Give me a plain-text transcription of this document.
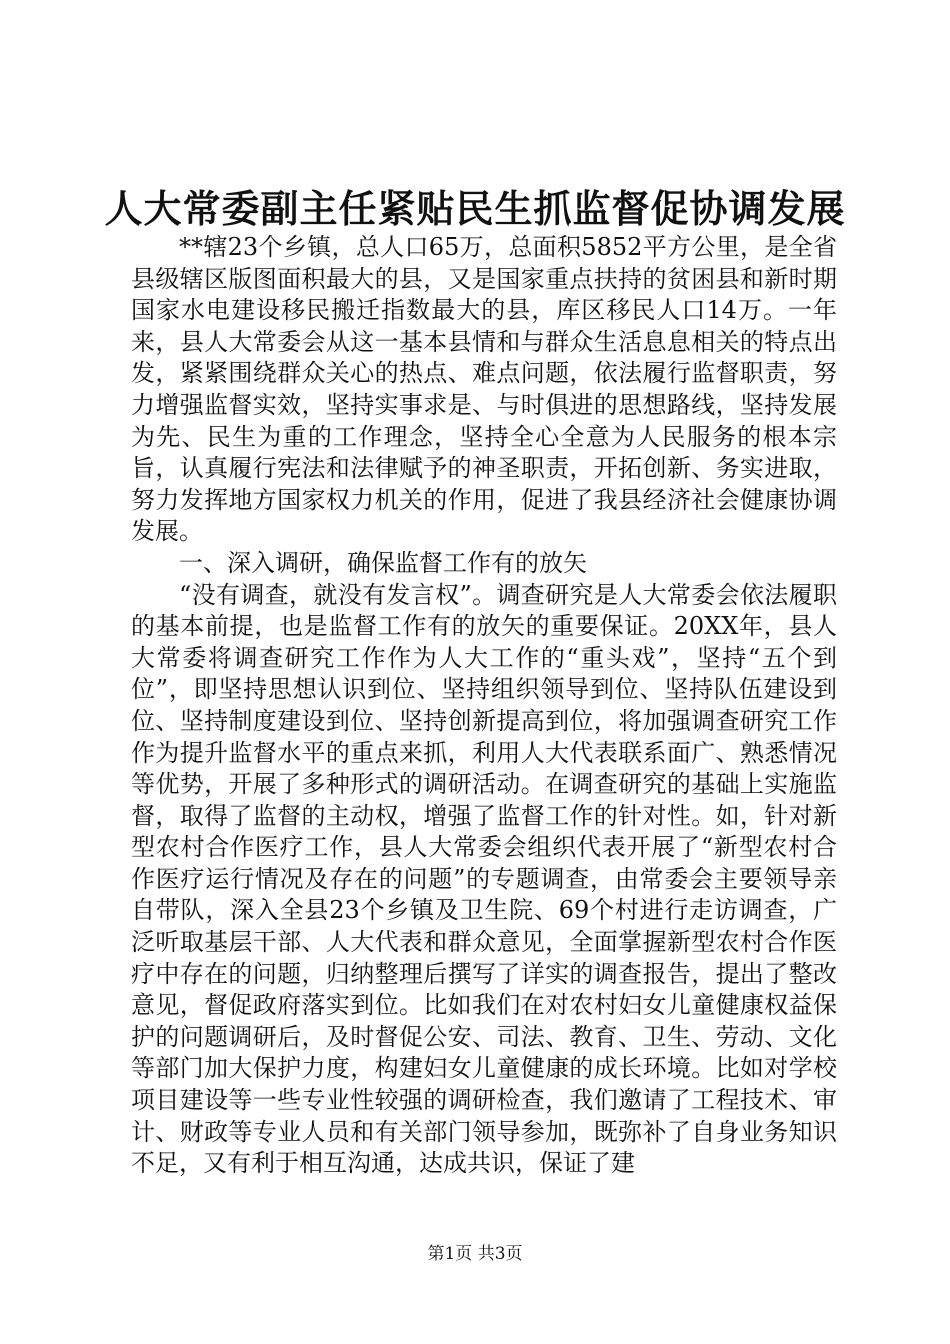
人大常委副主任紧贴民生抓监督促协调发展

**辖23个乡镇，总人口65万，总面积5852平方公里，是全省县级辖区版图面积最大的县，又是国家重点扶持的贫困县和新时期国家水电建设移民搬迁指数最大的县，库区移民人口14万。一年来，县人大常委会从这一基本县情和与群众生活息息相关的特点出发，紧紧围绕群众关心的热点、难点问题，依法履行监督职责，努力增强监督实效，坚持实事求是、与时俱进的思想路线，坚持发展为先、民生为重的工作理念，坚持全心全意为人民服务的根本宗旨，认真履行宪法和法律赋予的神圣职责，开拓创新、务实进取，努力发挥地方国家权力机关的作用，促进了我县经济社会健康协调发展。

一、深入调研，确保监督工作有的放矢

“没有调查，就没有发言权”。调查研究是人大常委会依法履职的基本前提，也是监督工作有的放矢的重要保证。20XX年，县人大常委将调查研究工作作为人大工作的“重头戏”，坚持“五个到位”，即坚持思想认识到位、坚持组织领导到位、坚持队伍建设到位、坚持制度建设到位、坚持创新提高到位，将加强调查研究工作作为提升监督水平的重点来抓，利用人大代表联系面广、熟悉情况等优势，开展了多种形式的调研活动。在调查研究的基础上实施监督，取得了监督的主动权，增强了监督工作的针对性。如，针对新型农村合作医疗工作，县人大常委会组织代表开展了“新型农村合作医疗运行情况及存在的问题”的专题调查，由常委会主要领导亲自带队，深入全县23个乡镇及卫生院、69个村进行走访调查，广泛听取基层干部、人大代表和群众意见，全面掌握新型农村合作医疗中存在的问题，归纳整理后撰写了详实的调查报告，提出了整改意见，督促政府落实到位。比如我们在对农村妇女儿童健康权益保护的问题调研后，及时督促公安、司法、教育、卫生、劳动、文化等部门加大保护力度，构建妇女儿童健康的成长环境。比如对学校项目建设等一些专业性较强的调研检查，我们邀请了工程技术、审计、财政等专业人员和有关部门领导参加，既弥补了自身业务知识不足，又有利于相互沟通，达成共识，保证了建

第1页 共3页
